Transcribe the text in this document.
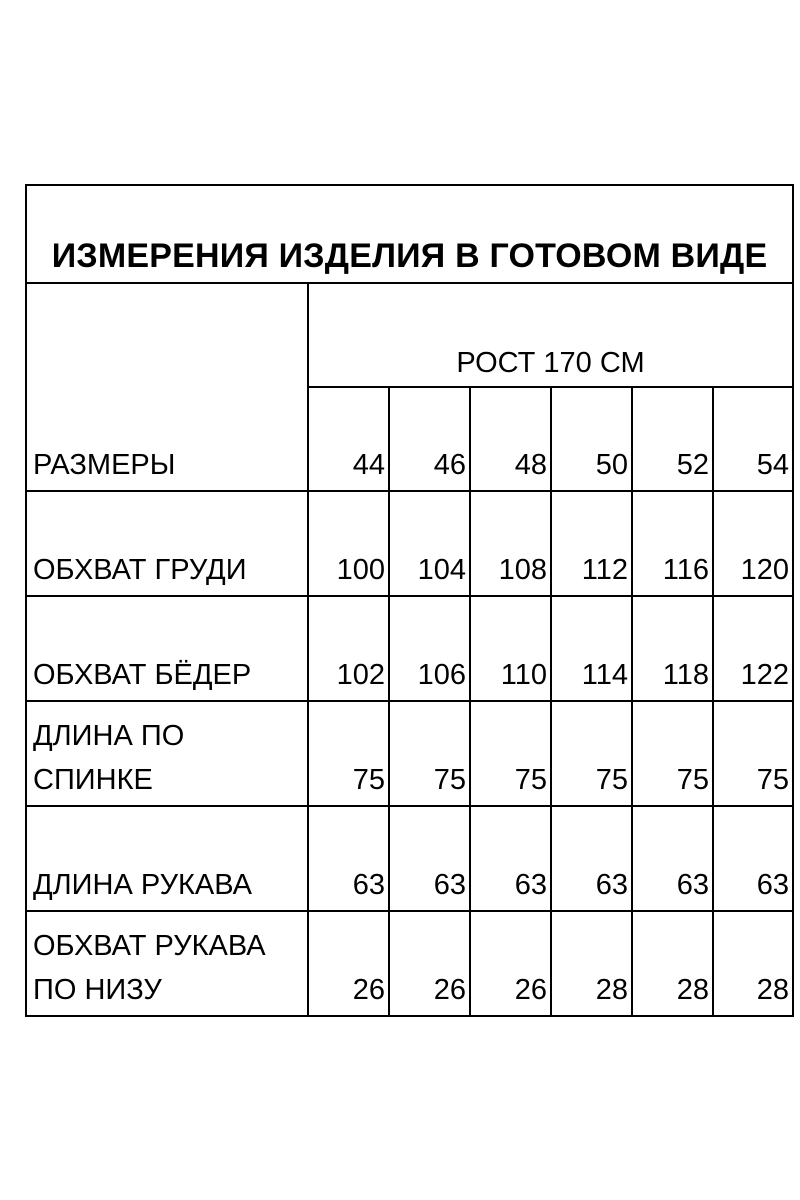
ИЗМЕРЕНИЯ ИЗДЕЛИЯ В ГОТОВОМ ВИДЕ						

РАЗМЕРЫ	РОСТ 170 СМ					
	44	46	48	50	52	54

ОБХВАТ ГРУДИ	100	104	108	112	116	120

ОБХВАТ БЁДЕР	102	106	110	114	118	122

ДЛИНА ПО
СПИНКЕ	75	75	75	75	75	75

ДЛИНА РУКАВА	63	63	63	63	63	63

ОБХВАТ РУКАВА
ПО НИЗУ	26	26	26	28	28	28
